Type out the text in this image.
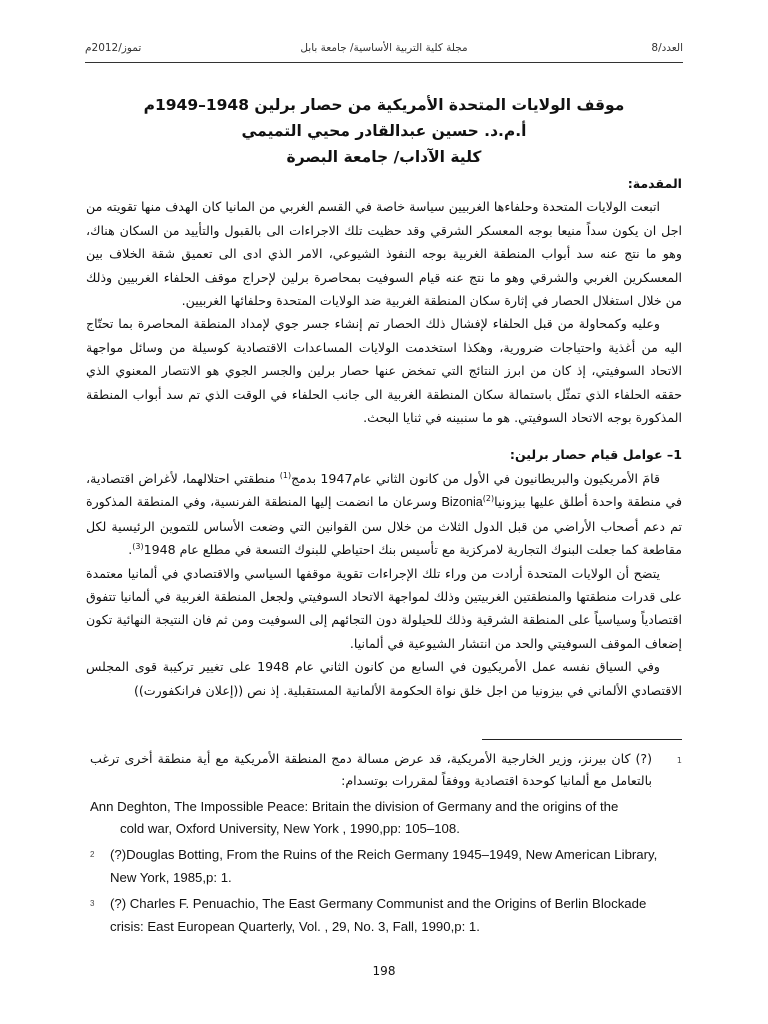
العدد/8
مجلة كلية التربية الأساسية/ جامعة بابل
تموز/2012م
موقف الولايات المتحدة الأمريكية من حصار برلين 1948–1949م
أ.م.د. حسين عبدالقادر محيي التميمي
كلية الآداب/ جامعة البصرة

المقدمة:

اتبعت الولايات المتحدة وحلفاءها الغربيين سياسة خاصة في القسم الغربي من المانيا كان الهدف منها تقويته من اجل ان يكون سداً منيعا بوجه المعسكر الشرقي وقد حظيت تلك الاجراءات الى بالقبول والتأييد من السكان هناك، وهو ما نتج عنه سد أبواب المنطقة الغربية بوجه النفوذ الشيوعي، الامر الذي ادى الى تعميق شقة الخلاف بين المعسكرين الغربي والشرقي وهو ما نتج عنه قيام السوفيت بمحاصرة برلين لإحراج موقف الحلفاء الغربيين وذلك من خلال استغلال الحصار في إثارة سكان المنطقة الغربية ضد الولايات المتحدة وحلفائها الغربيين.

وعليه وكمحاولة من قبل الحلفاء لإفشال ذلك الحصار تم إنشاء جسر جوي لإمداد المنطقة المحاصرة بما تحتّاج اليه من أغذية واحتياجات ضرورية، وهكذا استخدمت الولايات المساعدات الاقتصادية كوسيلة من وسائل مواجهة الاتحاد السوفيتي، إذ كان من ابرز النتائج التي تمخض عنها حصار برلين والجسر الجوي هو الانتصار المعنوي الذي حققه الحلفاء الذي تمثّل باستمالة سكان المنطقة الغربية الى جانب الحلفاء في الوقت الذي تم سد أبواب المنطقة المذكورة بوجه الاتحاد السوفيتي. هو ما سنبينه في ثنايا البحث.

1– عوامل قيام حصار برلين:

قامَ الأمريكيون والبريطانيون في الأول من كانون الثاني عام1947 بدمج$^{(1)}$ منطقتي احتلالهما، لأغراض اقتصادية، في منطقة واحدة أطلق عليها بيزونيا$^{(2)}$Bizonia وسرعان ما انضمت إليها المنطقة الفرنسية، وفي المنطقة المذكورة تم دعم أصحاب الأراضي من قبل الدول الثلاث من خلال سن القوانين التي وضعت الأساس للتموين الرئيسية لكل مقاطعة كما جعلت البنوك التجارية لامركزية مع تأسيس بنك احتياطي للبنوك التسعة في مطلع عام 1948$^{(3)}$.

يتضح أن الولايات المتحدة أرادت من وراء تلك الإجراءات تقوية موقفها السياسي والاقتصادي في ألمانيا معتمدة على قدرات منطقتها والمنطقتين الغربيتين وذلك لمواجهة الاتحاد السوفيتي ولجعل المنطقة الغربية في ألمانيا تتفوق اقتصادياً وسياسياً على المنطقة الشرقية وذلك للحيلولة دون التجائهم إلى السوفيت ومن ثم فان النتيجة النهائية تكون إضعاف الموقف السوفيتي والحد من انتشار الشيوعية في ألمانيا.

وفي السياق نفسه عمل الأمريكيون في السابع من كانون الثاني عام 1948 على تغيير تركيبة قوى المجلس الاقتصادي الألماني في بيزونيا من اجل خلق نواة الحكومة الألمانية المستقبلية. إذ نص ((إعلان فرانكفورت))

1
(?) كان بيرنز، وزير الخارجية الأمريكية، قد عرض مسالة دمج المنطقة الأمريكية مع أية منطقة أخرى ترغب بالتعامل مع ألمانيا كوحدة اقتصادية ووفقاً لمقررات بوتسدام:
Ann Deghton, The Impossible Peace: Britain the division of Germany and the origins of the
cold war, Oxford University, New York , 1990,pp: 105–108.
2 (?)Douglas Botting, From the Ruins of the Reich Germany 1945–1949, New American Library, New York, 1985,p: 1.
3 (?) Charles F. Penuachio, The East Germany Communist and the Origins of Berlin Blockade crisis: East European Quarterly, Vol. , 29, No. 3, Fall, 1990,p: 1.
198
